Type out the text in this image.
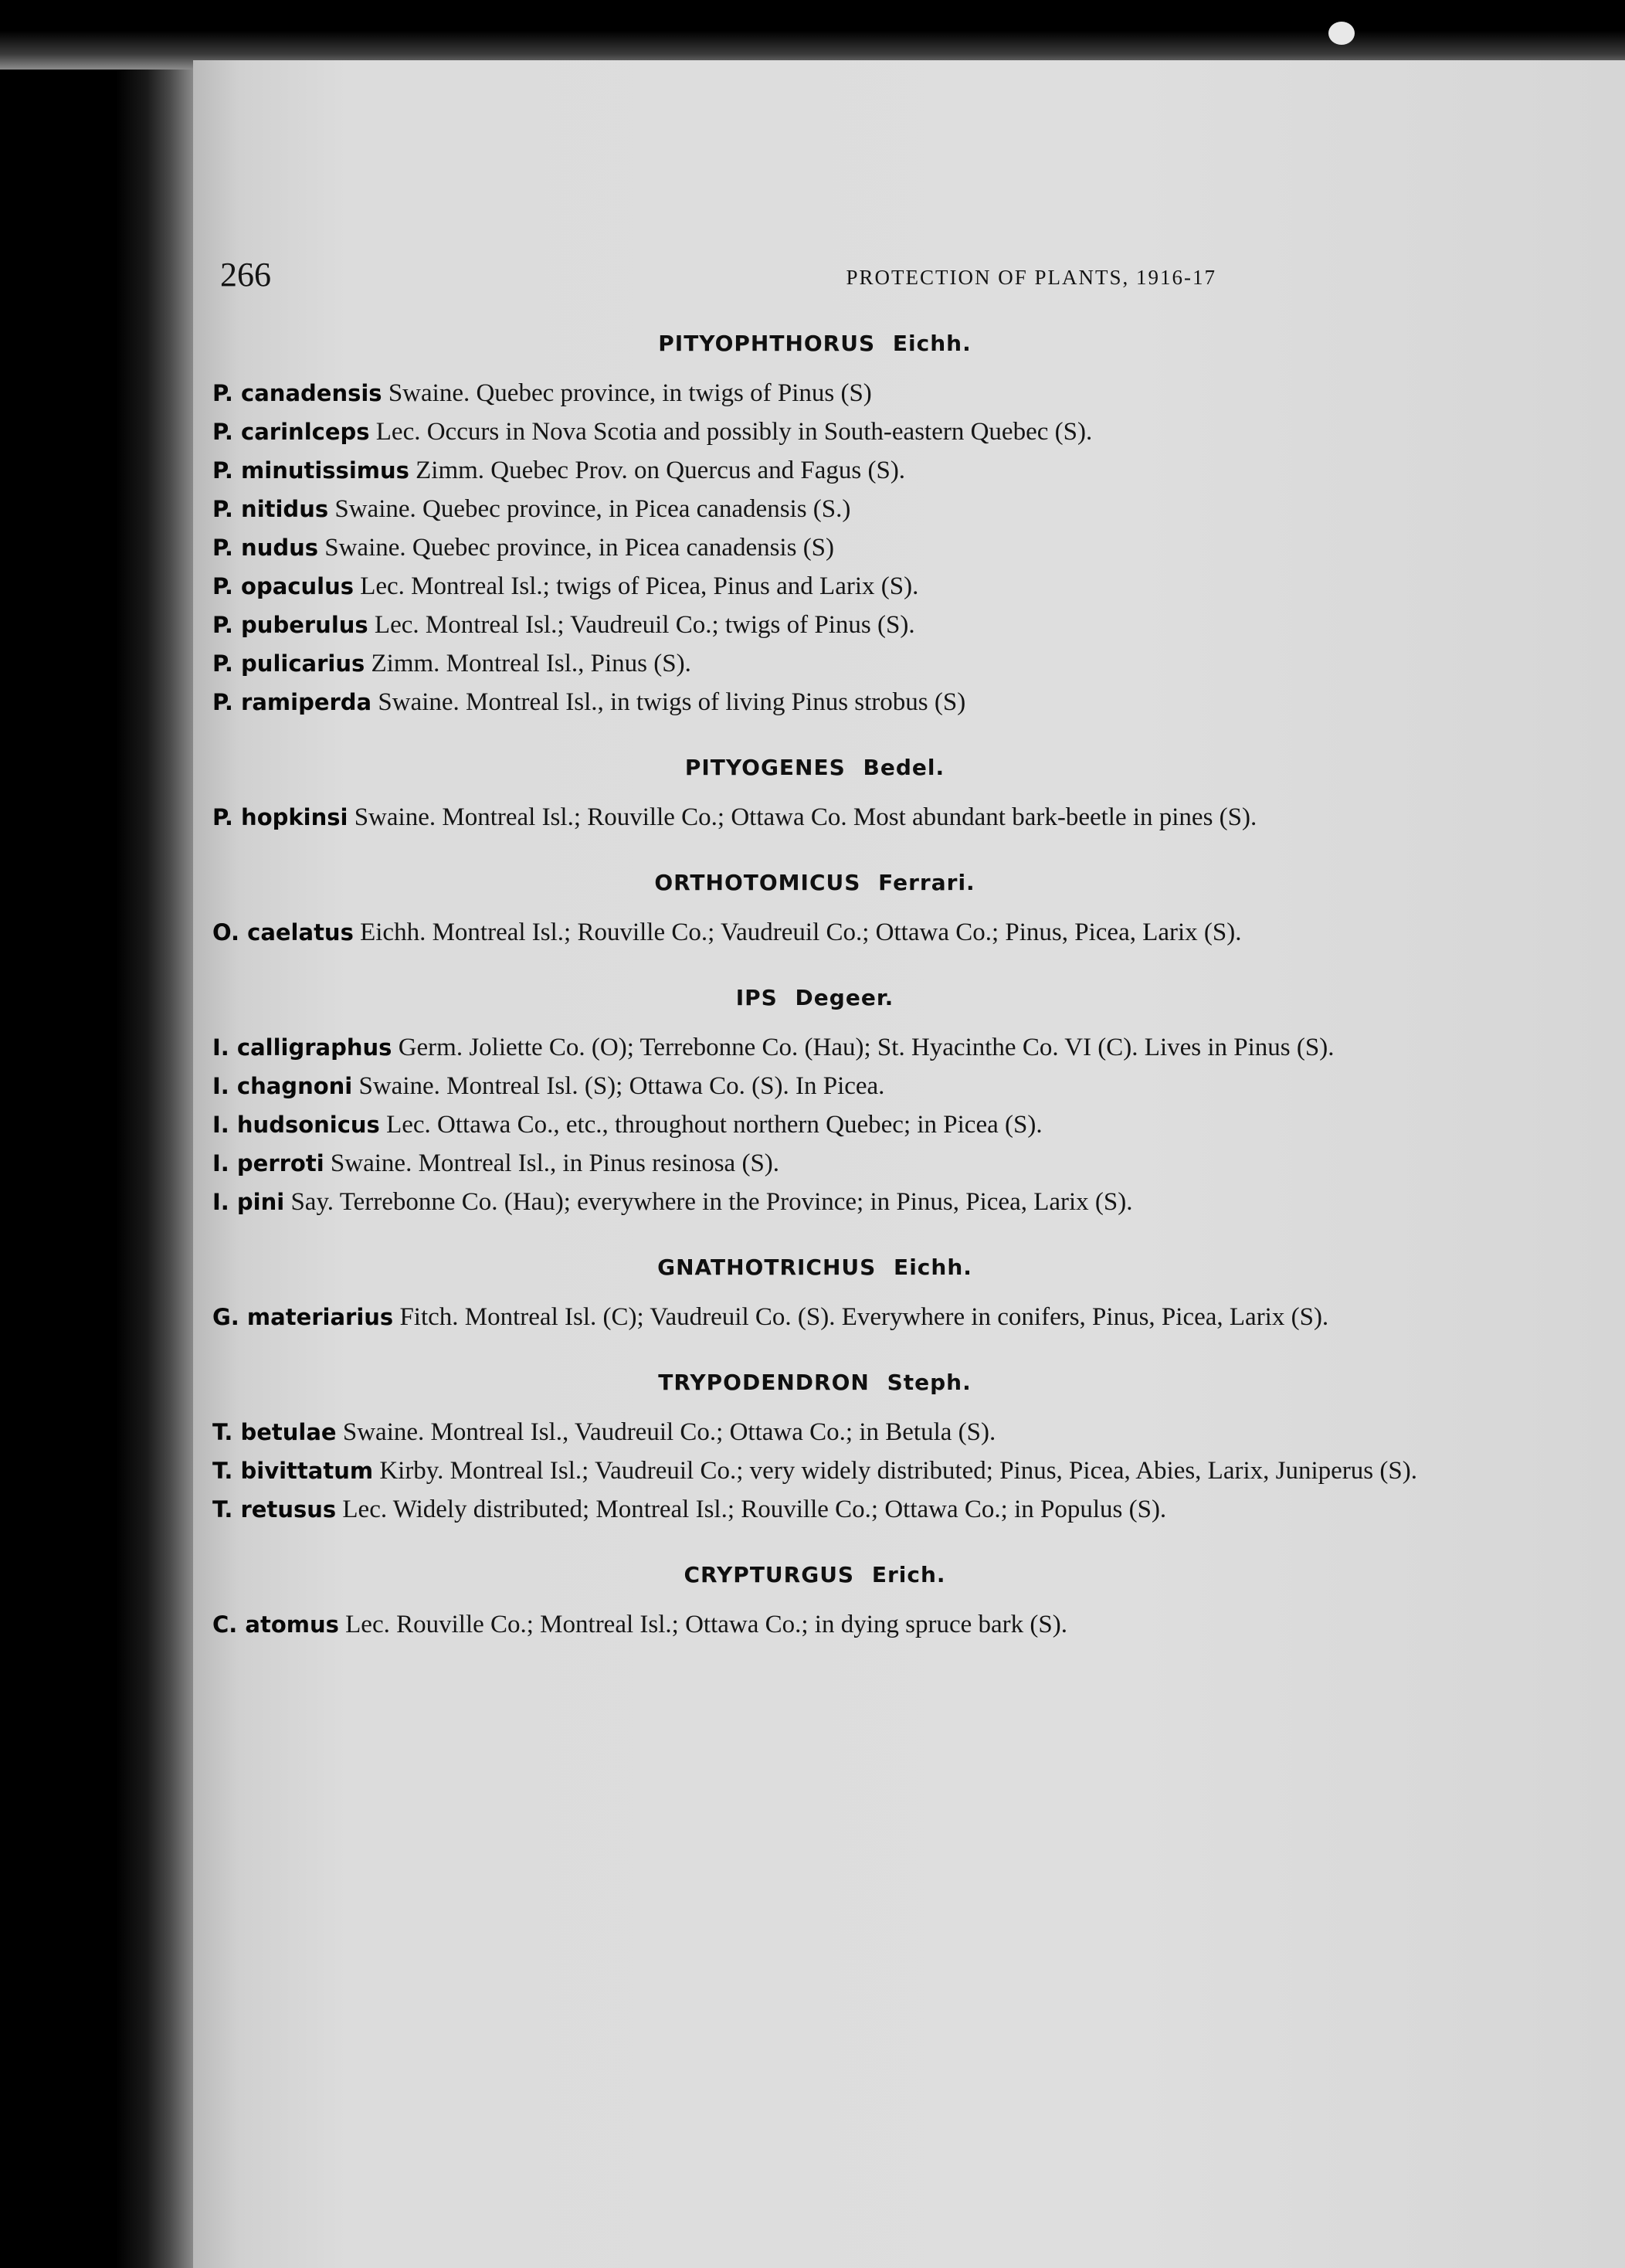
266	PROTECTION OF PLANTS, 1916-17
PITYOPHTHORUS Eichh.
P. canadensis Swaine. Quebec province, in twigs of Pinus (S)
P. carinlceps Lec. Occurs in Nova Scotia and possibly in South-eastern Quebec (S).
P. minutissimus Zimm. Quebec Prov. on Quercus and Fagus (S).
P. nitidus Swaine. Quebec province, in Picea canadensis (S.)
P. nudus Swaine. Quebec province, in Picea canadensis (S)
P. opaculus Lec. Montreal Isl.; twigs of Picea, Pinus and Larix (S).
P. puberulus Lec. Montreal Isl.; Vaudreuil Co.; twigs of Pinus (S).
P. pulicarius Zimm. Montreal Isl., Pinus (S).
P. ramiperda Swaine. Montreal Isl., in twigs of living Pinus strobus (S)
PITYOGENES Bedel.
P. hopkinsi Swaine. Montreal Isl.; Rouville Co.; Ottawa Co. Most abundant bark-beetle in pines (S).
ORTHOTOMICUS Ferrari.
O. caelatus Eichh. Montreal Isl.; Rouville Co.; Vaudreuil Co.; Ottawa Co.; Pinus, Picea, Larix (S).
IPS Degeer.
I. calligraphus Germ. Joliette Co. (O); Terrebonne Co. (Hau); St. Hyacinthe Co. VI (C). Lives in Pinus (S).
I. chagnoni Swaine. Montreal Isl. (S); Ottawa Co. (S). In Picea.
I. hudsonicus Lec. Ottawa Co., etc., throughout northern Quebec; in Picea (S).
I. perroti Swaine. Montreal Isl., in Pinus resinosa (S).
I. pini Say. Terrebonne Co. (Hau); everywhere in the Province; in Pinus, Picea, Larix (S).
GNATHOTRICHUS Eichh.
G. materiarius Fitch. Montreal Isl. (C); Vaudreuil Co. (S). Everywhere in conifers, Pinus, Picea, Larix (S).
TRYPODENDRON Steph.
T. betulae Swaine. Montreal Isl., Vaudreuil Co.; Ottawa Co.; in Betula (S).
T. bivittatum Kirby. Montreal Isl.; Vaudreuil Co.; very widely distributed; Pinus, Picea, Abies, Larix, Juniperus (S).
T. retusus Lec. Widely distributed; Montreal Isl.; Rouville Co.; Ottawa Co.; in Populus (S).
CRYPTURGUS Erich.
C. atomus Lec. Rouville Co.; Montreal Isl.; Ottawa Co.; in dying spruce bark (S).
